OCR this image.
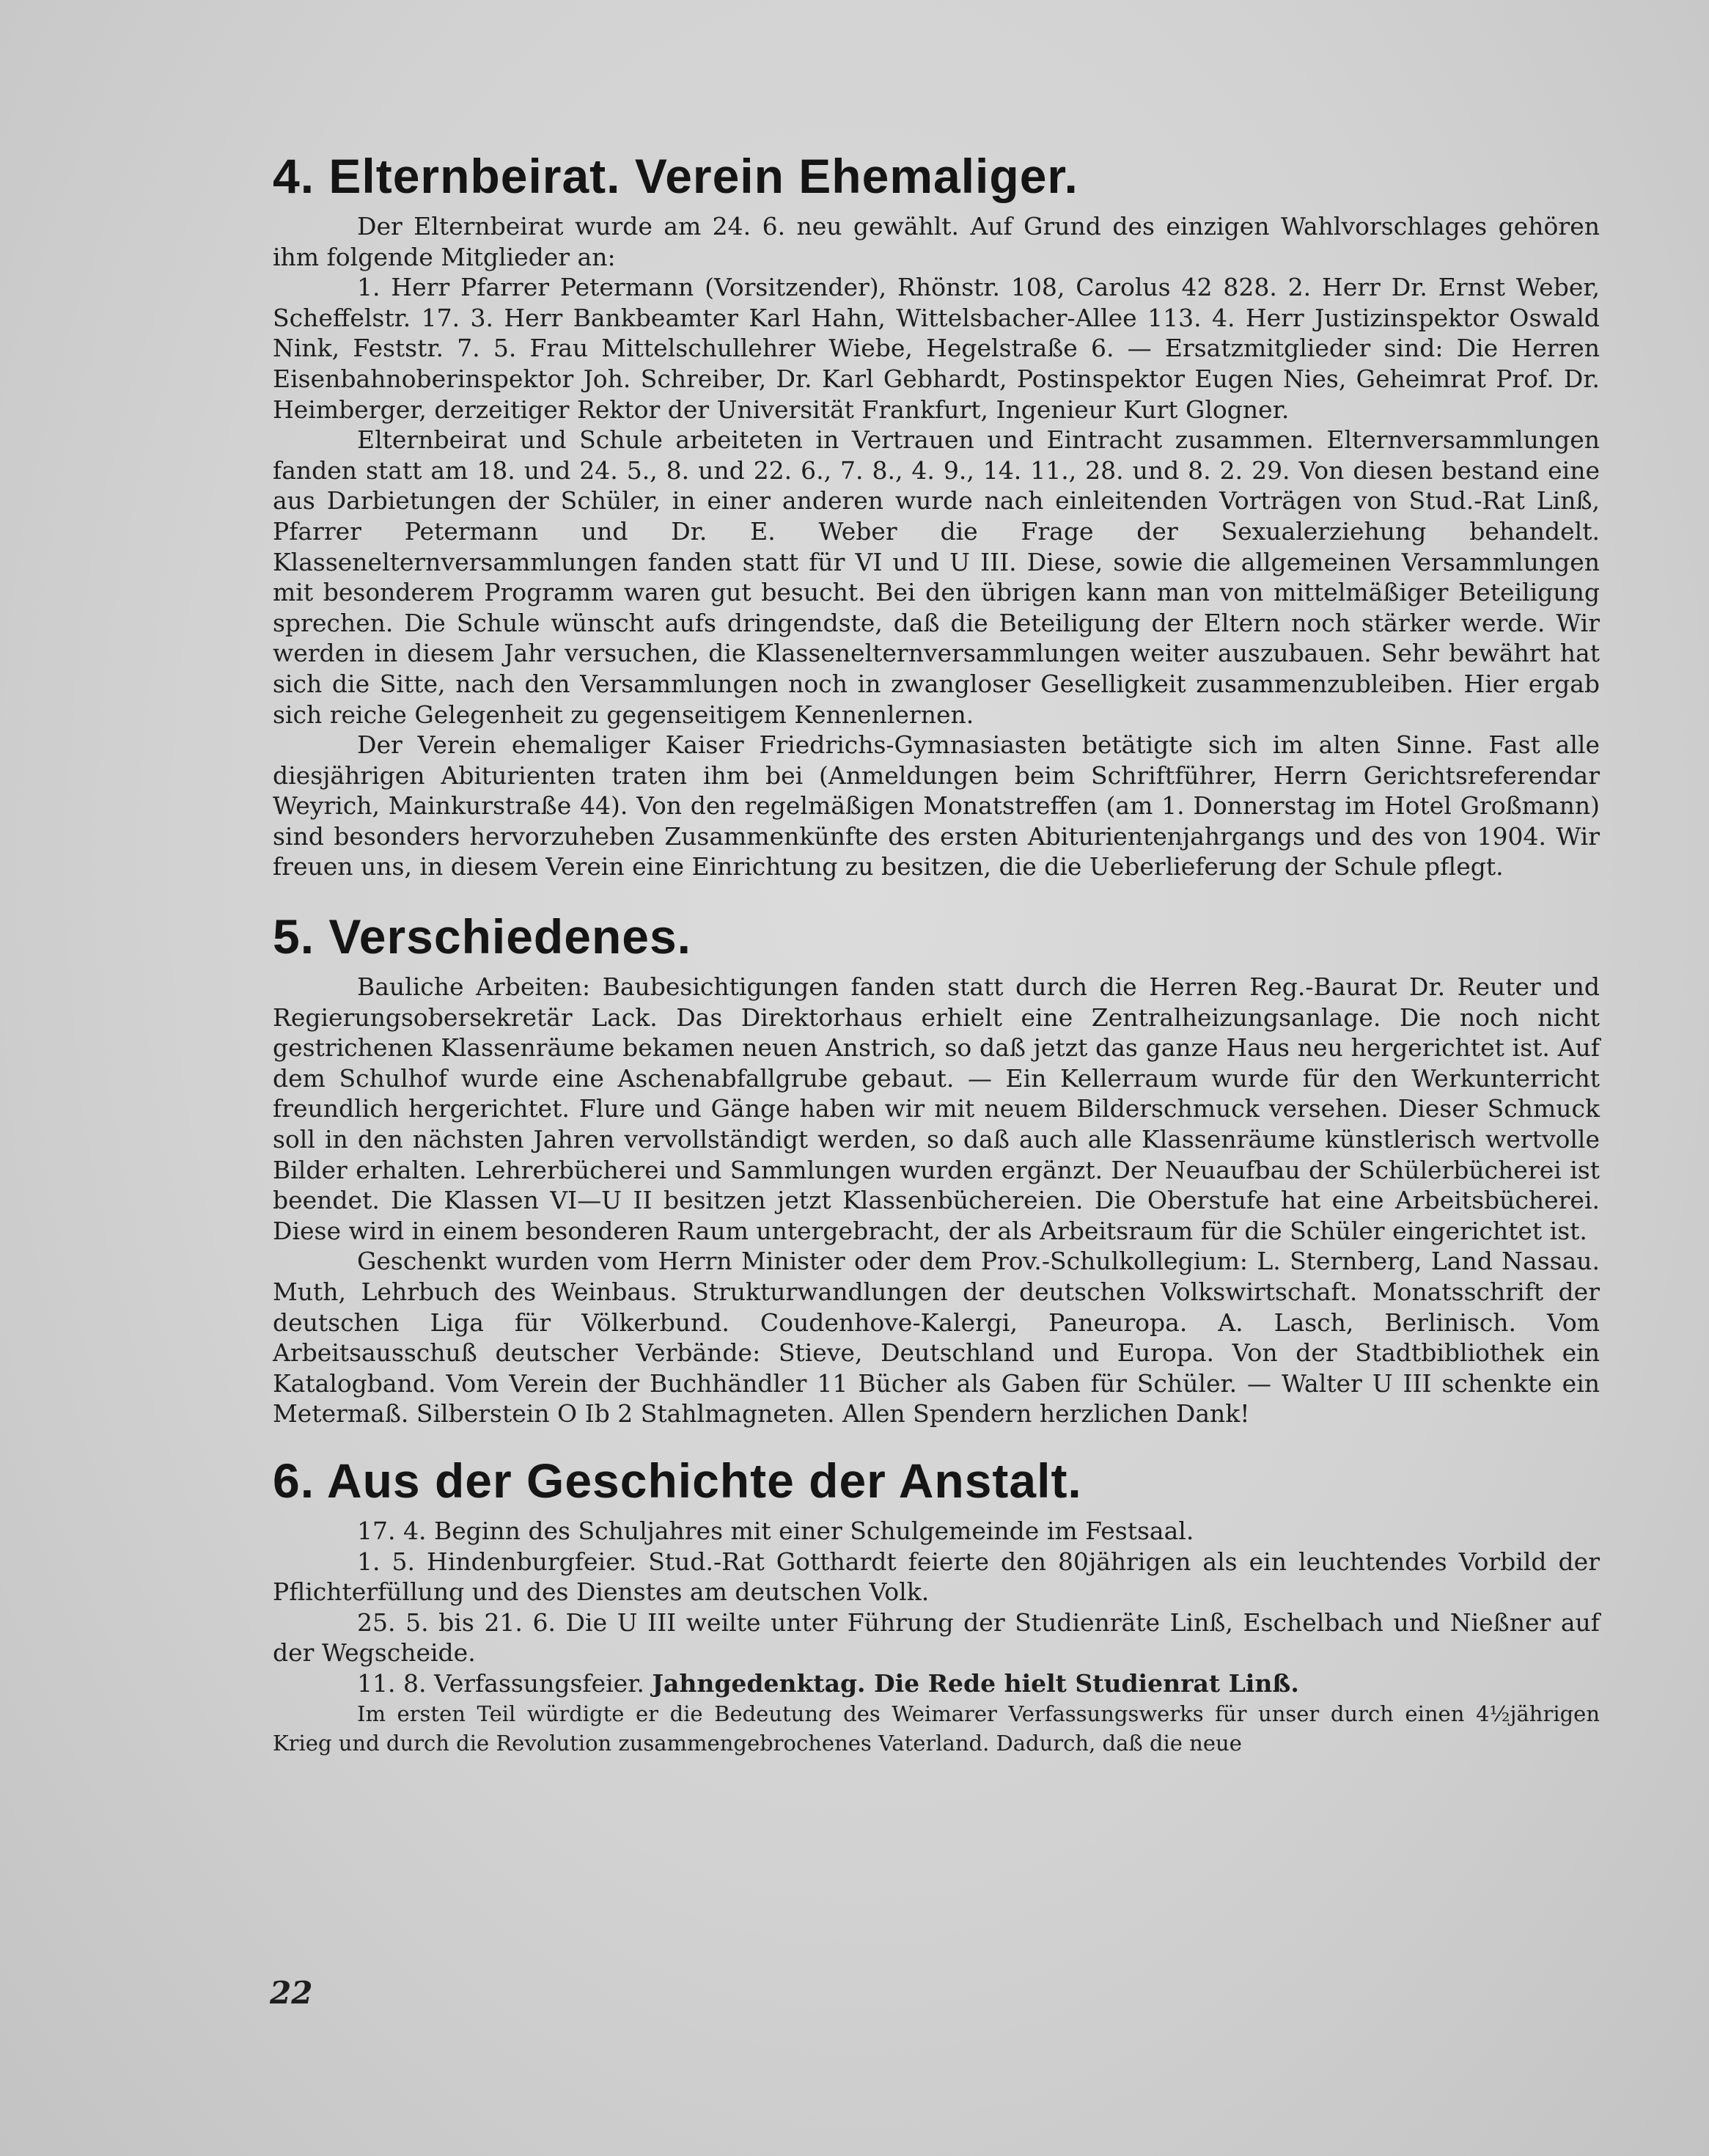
4. Elternbeirat. Verein Ehemaliger.

Der Elternbeirat wurde am 24. 6. neu gewählt. Auf Grund des einzigen Wahlvorschlages gehören ihm folgende Mitglieder an:

1. Herr Pfarrer Petermann (Vorsitzender), Rhönstr. 108, Carolus 42 828. 2. Herr Dr. Ernst Weber, Scheffelstr. 17. 3. Herr Bankbeamter Karl Hahn, Wittelsbacher-Allee 113. 4. Herr Justizinspektor Oswald Nink, Feststr. 7. 5. Frau Mittelschullehrer Wiebe, Hegelstraße 6. — Ersatzmitglieder sind: Die Herren Eisenbahnoberinspektor Joh. Schreiber, Dr. Karl Gebhardt, Postinspektor Eugen Nies, Geheimrat Prof. Dr. Heimberger, derzeitiger Rektor der Universität Frankfurt, Ingenieur Kurt Glogner.

Elternbeirat und Schule arbeiteten in Vertrauen und Eintracht zusammen. Elternversammlungen fanden statt am 18. und 24. 5., 8. und 22. 6., 7. 8., 4. 9., 14. 11., 28. und 8. 2. 29. Von diesen bestand eine aus Darbietungen der Schüler, in einer anderen wurde nach einleitenden Vorträgen von Stud.-Rat Linß, Pfarrer Petermann und Dr. E. Weber die Frage der Sexualerziehung behandelt. Klassenelternversammlungen fanden statt für VI und U III. Diese, sowie die allgemeinen Versammlungen mit besonderem Programm waren gut besucht. Bei den übrigen kann man von mittelmäßiger Beteiligung sprechen. Die Schule wünscht aufs dringendste, daß die Beteiligung der Eltern noch stärker werde. Wir werden in diesem Jahr versuchen, die Klassenelternversammlungen weiter auszubauen. Sehr bewährt hat sich die Sitte, nach den Versammlungen noch in zwangloser Geselligkeit zusammenzubleiben. Hier ergab sich reiche Gelegenheit zu gegenseitigem Kennenlernen.

Der Verein ehemaliger Kaiser Friedrichs-Gymnasiasten betätigte sich im alten Sinne. Fast alle diesjährigen Abiturienten traten ihm bei (Anmeldungen beim Schriftführer, Herrn Gerichtsreferendar Weyrich, Mainkurstraße 44). Von den regelmäßigen Monatstreffen (am 1. Donnerstag im Hotel Großmann) sind besonders hervorzuheben Zusammenkünfte des ersten Abiturientenjahrgangs und des von 1904. Wir freuen uns, in diesem Verein eine Einrichtung zu besitzen, die die Ueberlieferung der Schule pflegt.

5. Verschiedenes.

Bauliche Arbeiten: Baubesichtigungen fanden statt durch die Herren Reg.-Baurat Dr. Reuter und Regierungsobersekretär Lack. Das Direktorhaus erhielt eine Zentralheizungsanlage. Die noch nicht gestrichenen Klassenräume bekamen neuen Anstrich, so daß jetzt das ganze Haus neu hergerichtet ist. Auf dem Schulhof wurde eine Aschenabfallgrube gebaut. — Ein Kellerraum wurde für den Werkunterricht freundlich hergerichtet. Flure und Gänge haben wir mit neuem Bilderschmuck versehen. Dieser Schmuck soll in den nächsten Jahren vervollständigt werden, so daß auch alle Klassenräume künstlerisch wertvolle Bilder erhalten. Lehrerbücherei und Sammlungen wurden ergänzt. Der Neuaufbau der Schülerbücherei ist beendet. Die Klassen VI—U II besitzen jetzt Klassenbüchereien. Die Oberstufe hat eine Arbeitsbücherei. Diese wird in einem besonderen Raum untergebracht, der als Arbeitsraum für die Schüler eingerichtet ist.

Geschenkt wurden vom Herrn Minister oder dem Prov.-Schulkollegium: L. Sternberg, Land Nassau. Muth, Lehrbuch des Weinbaus. Strukturwandlungen der deutschen Volkswirtschaft. Monatsschrift der deutschen Liga für Völkerbund. Coudenhove-Kalergi, Paneuropa. A. Lasch, Berlinisch. Vom Arbeitsausschuß deutscher Verbände: Stieve, Deutschland und Europa. Von der Stadtbibliothek ein Katalogband. Vom Verein der Buchhändler 11 Bücher als Gaben für Schüler. — Walter U III schenkte ein Metermaß. Silberstein O Ib 2 Stahlmagneten. Allen Spendern herzlichen Dank!

6. Aus der Geschichte der Anstalt.

17. 4. Beginn des Schuljahres mit einer Schulgemeinde im Festsaal.

1. 5. Hindenburgfeier. Stud.-Rat Gotthardt feierte den 80jährigen als ein leuchtendes Vorbild der Pflichterfüllung und des Dienstes am deutschen Volk.

25. 5. bis 21. 6. Die U III weilte unter Führung der Studienräte Linß, Eschelbach und Nießner auf der Wegscheide.

11. 8. Verfassungsfeier. Jahngedenktag. Die Rede hielt Studienrat Linß.

Im ersten Teil würdigte er die Bedeutung des Weimarer Verfassungswerks für unser durch einen 4½jährigen Krieg und durch die Revolution zusammengebrochenes Vaterland. Dadurch, daß die neue

22
